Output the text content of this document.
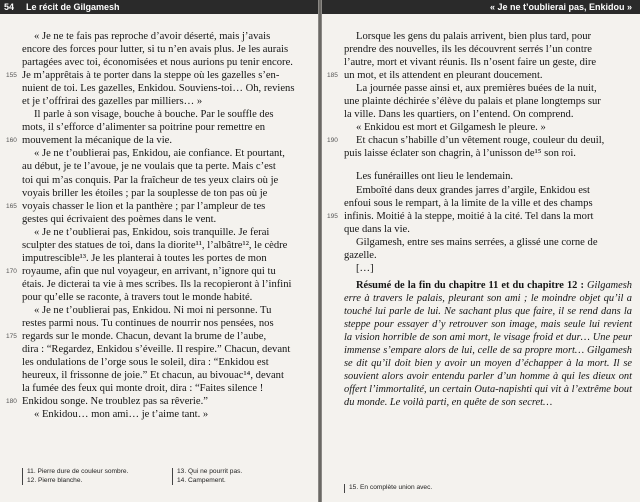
54 Le récit de Gilgamesh
« Je ne te fais pas reproche d’avoir déserté, mais j’avais
encore des forces pour lutter, si tu n’en avais plus. Je les aurais
partagées avec toi, économisées et nous aurions pu tenir encore.
Je m’apprêtais à te porter dans la steppe où les gazelles s’en-
nuient de toi. Les gazelles, Enkidou. Souviens-toi… Oh, reviens
et je t’offrirai des gazelles par milliers… »
Il parle à son visage, bouche à bouche. Par le souffle des
mots, il s’efforce d’alimenter sa poitrine pour remettre en
mouvement la mécanique de la vie.
« Je ne t’oublierai pas, Enkidou, aie confiance. Et pourtant,
au début, je te l’avoue, je ne voulais que ta perte. Mais c’est
toi qui m’as conquis. Par la fraîcheur de tes yeux clairs où je
voyais briller les étoiles ; par la souplesse de ton pas où je
voyais chasser le lion et la panthère ; par l’ampleur de tes
gestes qui écrivaient des poèmes dans le vent.
« Je ne t’oublierai pas, Enkidou, sois tranquille. Je ferai
sculpter des statues de toi, dans la diorite¹¹, l’albâtre¹², le cèdre
imputrescible¹³. Je les planterai à toutes les portes de mon
royaume, afin que nul voyageur, en arrivant, n’ignore qui tu
étais. Je dicterai ta vie à mes scribes. Ils la recopieront à l’infini
pour qu’elle se raconte, à travers tout le monde habité.
« Je ne t’oublierai pas, Enkidou. Ni moi ni personne. Tu
restes parmi nous. Tu continues de nourrir nos pensées, nos
regards sur le monde. Chacun, devant la brume de l’aube,
dira : “Regardez, Enkidou s’éveille. Il respire.” Chacun, devant
les ondulations de l’orge sous le soleil, dira : “Enkidou est
heureux, il frissonne de joie.” Et chacun, au bivouac¹⁴, devant
la fumée des feux qui monte droit, dira : “Faites silence !
Enkidou songe. Ne troublez pas sa rêverie.”
« Enkidou… mon ami… je t’aime tant. »
11. Pierre dure de couleur sombre.
12. Pierre blanche.
13. Qui ne pourrit pas.
14. Campement.
155
160
165
170
175
180
« Je ne t’oublierai pas, Enkidou »
Lorsque les gens du palais arrivent, bien plus tard, pour
prendre des nouvelles, ils les découvrent serrés l’un contre
l’autre, mort et vivant réunis. Ils n’osent faire un geste, dire
un mot, et ils attendent en pleurant doucement.
La journée passe ainsi et, aux premières buées de la nuit,
une plainte déchirée s’élève du palais et plane longtemps sur
la ville. Dans les quartiers, on l’entend. On comprend.
« Enkidou est mort et Gilgamesh le pleure. »
Et chacun s’habille d’un vêtement rouge, couleur du deuil,
puis laisse éclater son chagrin, à l’unisson de¹⁵ son roi.
Les funérailles ont lieu le lendemain.
Emboîté dans deux grandes jarres d’argile, Enkidou est
enfoui sous le rempart, à la limite de la ville et des champs
infinis. Moitié à la steppe, moitié à la cité. Tel dans la mort
que dans la vie.
Gilgamesh, entre ses mains serrées, a glissé une corne de
gazelle.
[…]
Résumé de la fin du chapitre 11 et du chapitre 12 : Gilgamesh erre à travers le palais, pleurant son ami ; le moindre objet qu’il a touché lui parle de lui. Ne sachant plus que faire, il se rend dans la steppe pour essayer d’y retrouver son image, mais seule lui revient la vision horrible de son ami mort, le visage froid et dur… Une peur immense s’empare alors de lui, celle de sa propre mort… Gilgamesh se dit qu’il doit bien y avoir un moyen d’échapper à la mort. Il se souvient alors avoir entendu parler d’un homme à qui les dieux ont offert l’immortalité, un certain Outa-napishti qui vit à l’extrême bout du monde. Le voilà parti, en quête de son secret…
15. En complète union avec.
185
190
195
